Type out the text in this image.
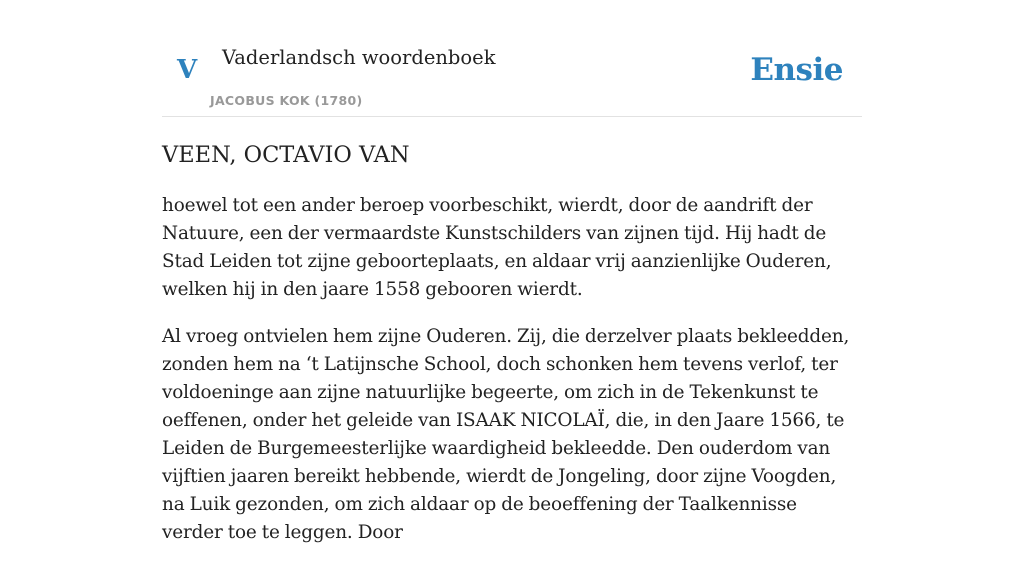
V Vaderlandsch woordenboek
JACOBUS KOK (1780)
Ensie
VEEN, OCTAVIO VAN

hoewel tot een ander beroep voorbeschikt, wierdt, door de aandrift der Natuure, een der vermaardste Kunstschilders van zijnen tijd. Hij hadt de Stad Leiden tot zijne geboorteplaats, en aldaar vrij aanzienlijke Ouderen, welken hij in den jaare 1558 gebooren wierdt.

Al vroeg ontvielen hem zijne Ouderen. Zij, die derzelver plaats bekleedden, zonden hem na ‘t Latijnsche School, doch schonken hem tevens verlof, ter voldoeninge aan zijne natuurlijke begeerte, om zich in de Tekenkunst te oeffenen, onder het geleide van ISAAK NICOLAÏ, die, in den Jaare 1566, te Leiden de Burgemeesterlijke waardigheid bekleedde. Den ouderdom van vijftien jaaren bereikt hebbende, wierdt de Jongeling, door zijne Voogden, na Luik gezonden, om zich aldaar op de beoeffening der Taalkennisse verder toe te leggen. Door
